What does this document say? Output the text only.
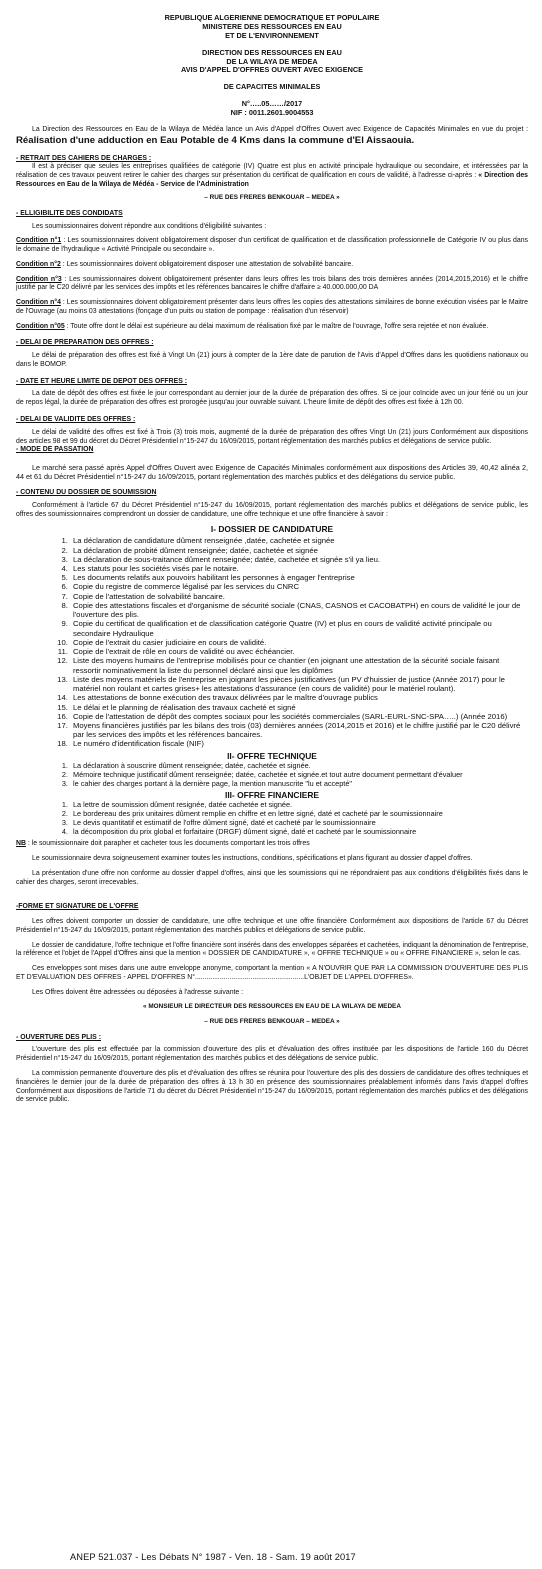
REPUBLIQUE ALGERIENNE DEMOCRATIQUE ET POPULAIRE
MINISTERE DES RESSOURCES EN EAU
ET DE L'ENVIRONNEMENT
DIRECTION DES RESSOURCES EN EAU
DE LA WILAYA DE MEDEA
AVIS D'APPEL D'OFFRES OUVERT AVEC EXIGENCE
DE CAPACITES MINIMALES
N°…..05……/2017
NIF : 0011.2601.9004553

La Direction des Ressources en Eau de la Wilaya de Médéa lance un Avis d'Appel d'Offres Ouvert avec Exigence de Capacités Minimales en vue du projet : Réalisation d'une adduction en Eau Potable de 4 Kms dans la commune d'El Aissaouia.

- RETRAIT DES CAHIERS DE CHARGES :

Il est à préciser que seules les entreprises qualifiées de catégorie (IV) Quatre est plus en activité principale hydraulique ou secondaire, et intéressées par la réalisation de ces travaux peuvent retirer le cahier des charges sur présentation du certificat de qualification en cours de validité, à l'adresse ci-après : « Direction des Ressources en Eau de la Wilaya de Médéa - Service de l'Administration

– RUE DES FRERES BENKOUAR – MEDEA »

- ELLIGIBILITE DES CONDIDATS

Les soumissionnaires doivent répondre aux conditions d'éligibilité suivantes :

Condition n°1 : Les soumissionnaires doivent obligatoirement disposer d'un certificat de qualification et de classification professionnelle de Catégorie IV ou plus dans le domaine de l'hydraulique « Activité Principale ou secondaire ».

Condition n°2 : Les soumissionnaires doivent obligatoirement disposer une attestation de solvabilité bancaire.

Condition n°3 : Les soumissionnaires doivent obligatoirement présenter dans leurs offres les trois bilans des trois dernières années (2014,2015,2016) et le chiffre justifié par le C20 délivré par les services des impôts et les références bancaires le chiffre d'affaire ≥ 40.000.000,00 DA

Condition n°4 : Les soumissionnaires doivent obligatoirement présenter dans leurs offres les copies des attestations similaires de bonne exécution visées par le Maitre de l'Ouvrage (au moins 03 attestations (fonçage d'un puits ou station de pompage : réalisation d'un réservoir)

Condition n°05 : Toute offre dont le délai est supérieure au délai maximum de réalisation fixé par le maître de l'ouvrage, l'offre sera rejetée et non évaluée.

- DELAI DE PREPARATION DES OFFRES :

Le délai de préparation des offres est fixé à Vingt Un (21) jours à compter de la 1ère date de parution de l'Avis d'Appel d'Offres dans les quotidiens nationaux ou dans le BOMOP.

- DATE ET HEURE LIMITE DE DEPOT DES OFFRES :

La date de dépôt des offres est fixée le jour correspondant au dernier jour de la durée de préparation des offres. Si ce jour coïncide avec un jour férié ou un jour de repos légal, la durée de préparation des offres est prorogée jusqu'au jour ouvrable suivant. L'heure limite de dépôt des offres est fixée à 12h 00.

- DELAI DE VALIDITE DES OFFRES :

Le délai de validité des offres est fixé à Trois (3) trois mois, augmenté de la durée de préparation des offres Vingt Un (21) jours Conformément aux dispositions des articles 98 et 99 du décret du Décret Présidentiel n°15-247 du 16/09/2015, portant réglementation des marchés publics et délégations de service public.

- MODE DE PASSATION

Le marché sera passé après Appel d'Offres Ouvert avec Exigence de Capacités Minimales conformément aux dispositions des Articles 39, 40,42 alinéa 2, 44 et 61 du Décret Présidentiel n°15-247 du 16/09/2015, portant réglementation des marchés publics et des délégations du service public.

- CONTENU DU DOSSIER DE SOUMISSION

Conformément à l'article 67 du Décret Présidentiel n°15-247 du 16/09/2015, portant réglementation des marchés publics et délégations de service public, les offres des soumissionnaires comprendront un dossier de candidature, une offre technique et une offre financière à savoir :

I- DOSSIER DE CANDIDATURE
1. La déclaration de candidature dûment renseignée ,datée, cachetée et signée
2. La déclaration de probité dûment renseignée; datée, cachetée et signée
3. La déclaration de sous-traitance dûment renseignée; datée, cachetée et signée s'il ya lieu.
4. Les statuts pour les sociétés visés par le notaire.
5. Les documents relatifs aux pouvoirs habilitant les personnes à engager l'entreprise
6. Copie du registre de commerce légalisé par les services du CNRC
7. Copie de l'attestation de solvabilité bancaire.
8. Copie des attestations fiscales et d'organisme de sécurité sociale (CNAS, CASNOS et CACOBATPH) en cours de validité le jour de l'ouverture des plis.
9. Copie du certificat de qualification et de classification catégorie Quatre (IV) et plus en cours de validité activité principale ou secondaire Hydraulique
10. Copie de l'extrait du casier judiciaire en cours de validité.
11. Copie de l'extrait de rôle en cours de validité ou avec échéancier.
12. Liste des moyens humains de l'entreprise mobilisés pour ce chantier (en joignant une attestation de la sécurité sociale faisant ressortir nominativement la liste du personnel déclaré ainsi que les diplômes
13. Liste des moyens matériels de l'entreprise en joignant les pièces justificatives (un PV d'huissier de justice (Année 2017) pour le matériel non roulant et cartes grises+ les attestations d'assurance (en cours de validité) pour le matériel roulant).
14. Les attestations de bonne exécution des travaux délivrées par le maître d'ouvrage publics
15. Le délai et le planning de réalisation des travaux cacheté et signé
16. Copie de l'attestation de dépôt des comptes sociaux pour les sociétés commerciales (SARL-EURL-SNC-SPA…..) (Année 2016)
17. Moyens financières justifiés par les bilans des trois (03) dernières années (2014,2015 et 2016) et le chiffre justifié par le C20 délivré par les services des impôts et les références bancaires.
18. Le numéro d'identification fiscale (NIF)
II- OFFRE TECHNIQUE
1. La déclaration à souscrire dûment renseignée; datée, cachetée et signée.
2. Mémoire technique justificatif dûment renseignée; datée, cachetée et signée.et tout autre document permettant d'évaluer
3. le cahier des charges portant à la dernière page, la mention manuscrite "lu et accepté"
III- OFFRE FINANCIERE
1. La lettre de soumission dûment resignée, datée cachetée et signée.
2. Le bordereau des prix unitaires dûment remplie en chiffre et en lettre signé, daté et cacheté par le soumissionnaire
3. Le devis quantitatif et estimatif de l'offre dûment signé, daté et cacheté par le soumissionnaire
4. la décomposition du prix global et forfaitaire (DRGF) dûment signé, daté et cacheté par le soumissionnaire

NB : le soumissionnaire doit parapher et cacheter tous les documents comportant les trois offres

Le soumissionnaire devra soigneusement examiner toutes les instructions, conditions, spécifications et plans figurant au dossier d'appel d'offres.

La présentation d'une offre non conforme au dossier d'appel d'offres, ainsi que les soumissions qui ne répondraient pas aux conditions d'éligibilités fixés dans le cahier des charges, seront irrecevables.

-FORME ET SIGNATURE DE L'OFFRE

Les offres doivent comporter un dossier de candidature, une offre technique et une offre financière Conformément aux dispositions de l'article 67 du Décret Présidentiel n°15-247 du 16/09/2015, portant réglementation des marchés publics et délégations de service public.

Le dossier de candidature, l'offre technique et l'offre financière sont insérés dans des enveloppes séparées et cachetées, indiquant la dénomination de l'entreprise, la référence et l'objet de l'Appel d'Offres ainsi que la mention « DOSSIER DE CANDIDATURE », « OFFRE TECHNIQUE » ou « OFFRE FINANCIERE », selon le cas.

Ces enveloppes sont mises dans une autre enveloppe anonyme, comportant la mention « A N'OUVRIR QUE PAR LA COMMISSION D'OUVERTURE DES PLIS ET D'EVALUATION DES OFFRES - APPEL D'OFFRES N°.........................................................L'OBJET DE L'APPEL D'OFFRES».

Les Offres doivent être adressées ou déposées à l'adresse suivante :

« MONSIEUR LE DIRECTEUR DES RESSOURCES EN EAU DE LA WILAYA DE MEDEA

– RUE DES FRERES BENKOUAR – MEDEA »

- OUVERTURE DES PLIS :

L'ouverture des plis est effectuée par la commission d'ouverture des plis et d'évaluation des offres instituée par les dispositions de l'article 160 du Décret Présidentiel n°15-247 du 16/09/2015, portant réglementation des marchés publics et des délégations de service public.

La commission permanente d'ouverture des plis et d'évaluation des offres se réunira pour l'ouverture des plis des dossiers de candidature des offres techniques et financières le dernier jour de la durée de préparation des offres à 13 h 30 en présence des soumissionnaires préalablement informés dans l'avis d'appel d'offres Conformément aux dispositions de l'article 71 du décret du Décret Présidentiel n°15-247 du 16/09/2015, portant réglementation des marchés publics et des délégations de service public.

ANEP 521.037 - Les Débats N° 1987 - Ven. 18 - Sam. 19 août 2017
